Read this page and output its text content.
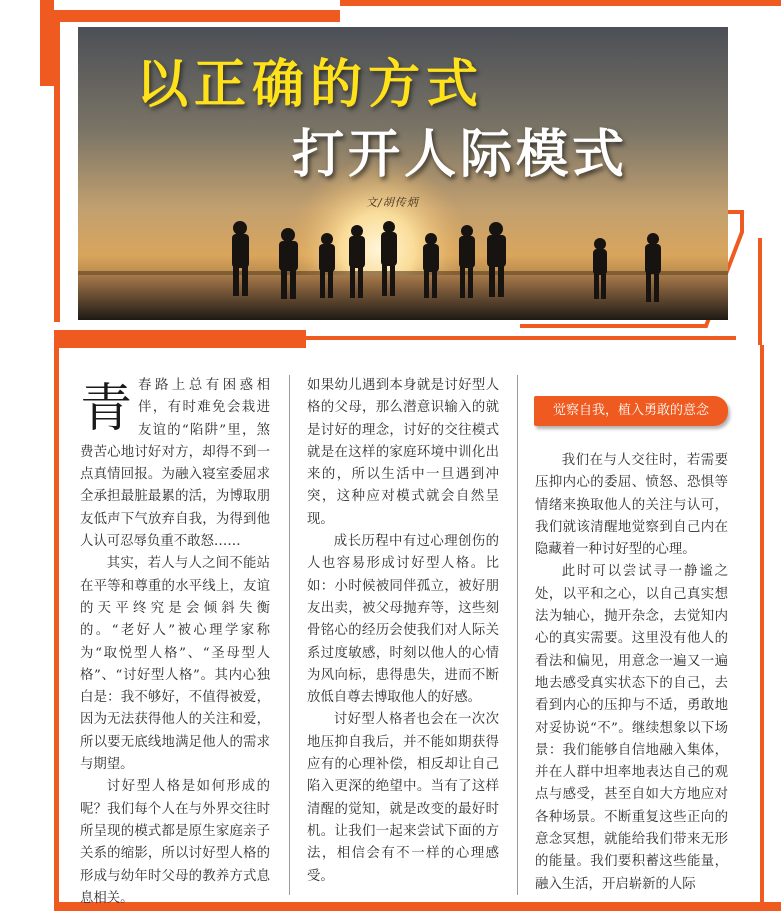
以正确的方式
打开人际模式
文/胡传炳

青春路上总有困惑相伴，有时难免会栽进友谊的“陷阱”里，煞费苦心地讨好对方，却得不到一点真情回报。为融入寝室委屈求全承担最脏最累的活，为博取朋友低声下气放弃自我，为得到他人认可忍辱负重不敢怒……

其实，若人与人之间不能站在平等和尊重的水平线上，友谊的天平终究是会倾斜失衡的。“老好人”被心理学家称为“取悦型人格”、“圣母型人格”、“讨好型人格”。其内心独白是：我不够好，不值得被爱，因为无法获得他人的关注和爱，所以要无底线地满足他人的需求与期望。

讨好型人格是如何形成的呢？我们每个人在与外界交往时所呈现的模式都是原生家庭亲子关系的缩影，所以讨好型人格的形成与幼年时父母的教养方式息息相关。

如果幼儿遇到本身就是讨好型人格的父母，那么潜意识输入的就是讨好的理念，讨好的交往模式就是在这样的家庭环境中训化出来的，所以生活中一旦遇到冲突，这种应对模式就会自然呈现。

成长历程中有过心理创伤的人也容易形成讨好型人格。比如：小时候被同伴孤立，被好朋友出卖，被父母抛弃等，这些刻骨铭心的经历会使我们对人际关系过度敏感，时刻以他人的心情为风向标，患得患失，进而不断放低自尊去博取他人的好感。

讨好型人格者也会在一次次地压抑自我后，并不能如期获得应有的心理补偿，相反却让自己陷入更深的绝望中。当有了这样清醒的觉知，就是改变的最好时机。让我们一起来尝试下面的方法，相信会有不一样的心理感受。

觉察自我，植入勇敢的意念

我们在与人交往时，若需要压抑内心的委屈、愤怒、恐惧等情绪来换取他人的关注与认可，我们就该清醒地觉察到自己内在隐藏着一种讨好型的心理。

此时可以尝试寻一静谧之处，以平和之心，以自己真实想法为轴心，抛开杂念，去觉知内心的真实需要。这里没有他人的看法和偏见，用意念一遍又一遍地去感受真实状态下的自己，去看到内心的压抑与不适，勇敢地对妥协说“不”。继续想象以下场景：我们能够自信地融入集体，并在人群中坦率地表达自己的观点与感受，甚至自如大方地应对各种场景。不断重复这些正向的意念冥想，就能给我们带来无形的能量。我们要积蓄这些能量，融入生活，开启崭新的人际
